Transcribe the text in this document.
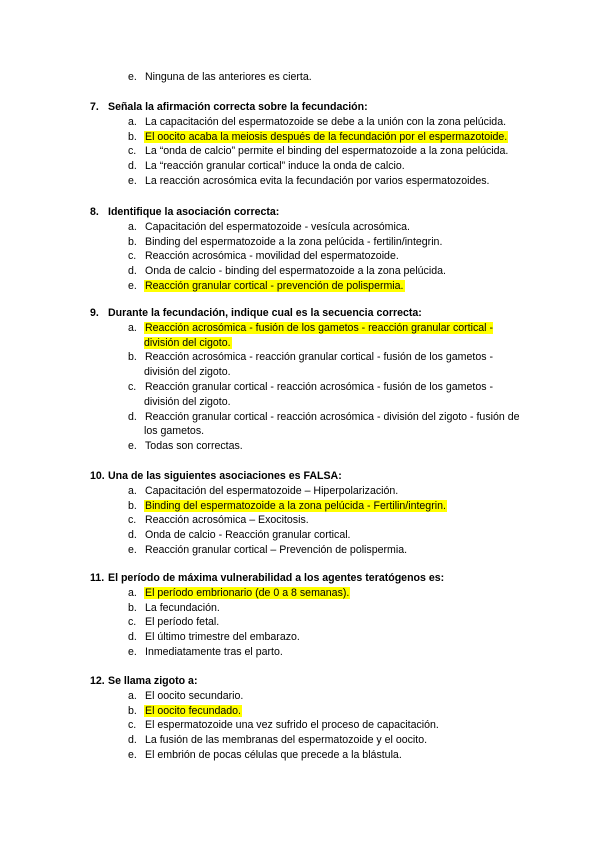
e. Ninguna de las anteriores es cierta.

7. Señala la afirmación correcta sobre la fecundación:

a. La capacitación del espermatozoide se debe a la unión con la zona pelúcida.
b. El oocito acaba la meiosis después de la fecundación por el espermazotoide.
c. La “onda de calcio” permite el binding del espermatozoide a la zona pelúcida.
d. La “reacción granular cortical” induce la onda de calcio.
e. La reacción acrosómica evita la fecundación por varios espermatozoides.

8. Identifique la asociación correcta:

a. Capacitación del espermatozoide - vesícula acrosómica.
b. Binding del espermatozoide a la zona pelúcida - fertilin/integrin.
c. Reacción acrosómica - movilidad del espermatozoide.
d. Onda de calcio - binding del espermatozoide a la zona pelúcida.
e. Reacción granular cortical - prevención de polispermia.

9. Durante la fecundación, indique cual es la secuencia correcta:

a. Reacción acrosómica - fusión de los gametos - reacción granular cortical - división del cigoto.
b. Reacción acrosómica - reacción granular cortical - fusión de los gametos - división del zigoto.
c. Reacción granular cortical - reacción acrosómica - fusión de los gametos - división del zigoto.
d. Reacción granular cortical - reacción acrosómica - división del zigoto - fusión de los gametos.
e. Todas son correctas.

10. Una de las siguientes asociaciones es FALSA:

a. Capacitación del espermatozoide – Hiperpolarización.
b. Binding del espermatozoide a la zona pelúcida - Fertilin/integrin.
c. Reacción acrosómica – Exocitosis.
d. Onda de calcio - Reacción granular cortical.
e. Reacción granular cortical – Prevención de polispermia.

11. El período de máxima vulnerabilidad a los agentes teratógenos es:

a. El período embrionario (de 0 a 8 semanas).
b. La fecundación.
c. El período fetal.
d. El último trimestre del embarazo.
e. Inmediatamente tras el parto.

12. Se llama zigoto a:

a. El oocito secundario.
b. El oocito fecundado.
c. El espermatozoide una vez sufrido el proceso de capacitación.
d. La fusión de las membranas del espermatozoide y el oocito.
e. El embrión de pocas células que precede a la blástula.
